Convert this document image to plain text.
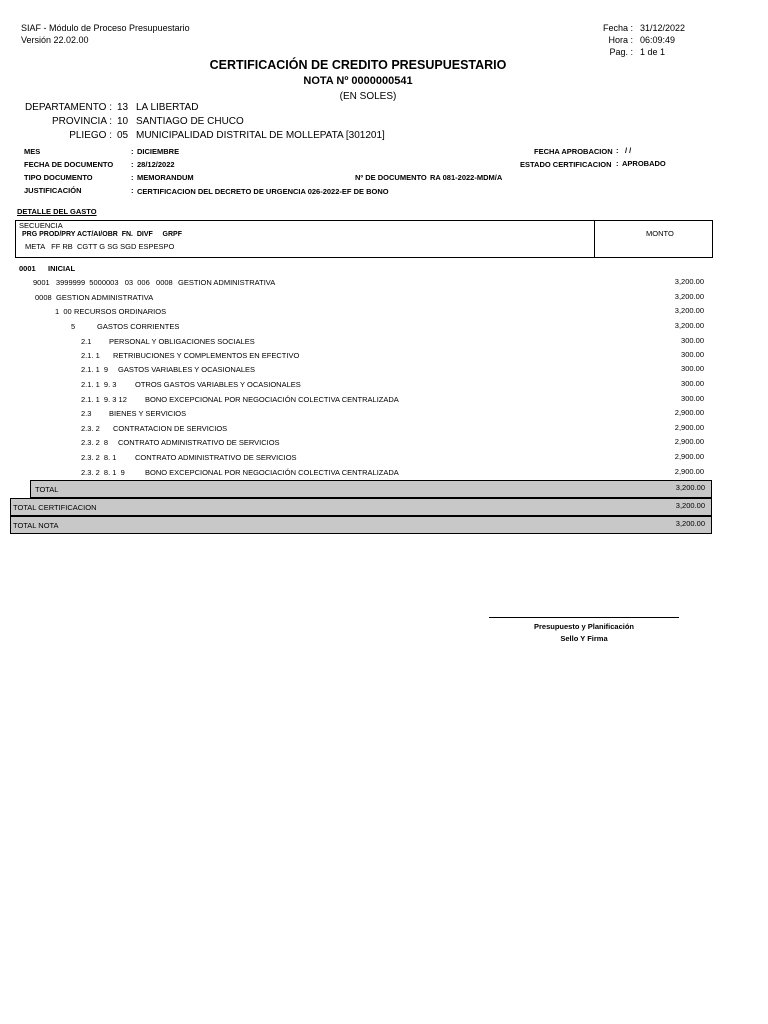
SIAF - Módulo de Proceso Presupuestario
Versión 22.02.00
Fecha : 31/12/2022
Hora : 06:09:49
Pag. : 1 de 1
CERTIFICACIÓN DE CREDITO PRESUPUESTARIO
NOTA Nº 0000000541
(EN SOLES)
DEPARTAMENTO : 13 LA LIBERTAD
PROVINCIA : 10 SANTIAGO DE CHUCO
PLIEGO : 05 MUNICIPALIDAD DISTRITAL DE MOLLEPATA [301201]
MES	: DICIEMBRE
FECHA DE DOCUMENTO : 28/12/2022
TIPO DOCUMENTO	: MEMORANDUM	Nº DE DOCUMENTO RA 081-2022-MDM/A
JUSTIFICACIÓN	: CERTIFICACION DEL DECRETO DE URGENCIA 026-2022-EF DE BONO
FECHA APROBACION : / /
ESTADO CERTIFICACION : APROBADO
DETALLE DEL GASTO
SECUENCIA
PRG PROD/PRY ACT/AI/OBR  FN.  DIVF     GRPF
META   FF RB  CGTT G SG SGD ESPESPO
MONTO
0001 INICIAL
9001   3999999  5000003   03  006   0008 GESTION ADMINISTRATIVA	3,200.00
0008 GESTION ADMINISTRATIVA	3,200.00
1  00 RECURSOS ORDINARIOS	3,200.00
5	GASTOS CORRIENTES	3,200.00
2.1 PERSONAL Y OBLIGACIONES SOCIALES	300.00
2.1. 1 RETRIBUCIONES Y COMPLEMENTOS EN EFECTIVO	300.00
2.1. 1  9 GASTOS VARIABLES Y OCASIONALES	300.00
2.1. 1  9. 3 OTROS GASTOS VARIABLES Y OCASIONALES	300.00
2.1. 1  9. 3 12 BONO EXCEPCIONAL POR NEGOCIACIÓN COLECTIVA CENTRALIZADA	300.00
2.3 BIENES Y SERVICIOS	2,900.00
2.3. 2 CONTRATACION DE SERVICIOS	2,900.00
2.3. 2  8 CONTRATO ADMINISTRATIVO DE SERVICIOS	2,900.00
2.3. 2  8. 1 CONTRATO ADMINISTRATIVO DE SERVICIOS	2,900.00
2.3. 2  8. 1  9	BONO EXCEPCIONAL POR NEGOCIACIÓN COLECTIVA CENTRALIZADA	2,900.00
TOTAL	3,200.00
TOTAL CERTIFICACION	3,200.00
TOTAL NOTA	3,200.00
Presupuesto y Planificación
Sello Y Firma
